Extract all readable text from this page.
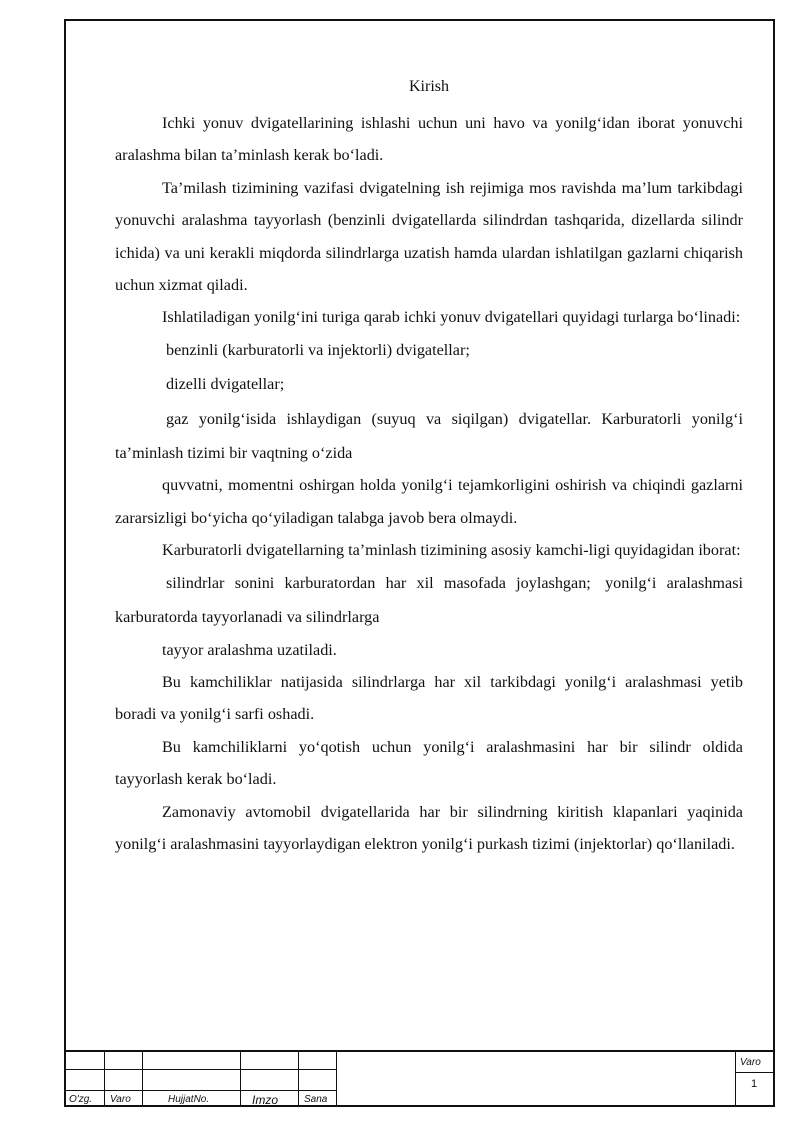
Kirish

Ichki yonuv dvigatellarining ishlashi uchun uni havo va yonilg‘idan iborat yonuvchi aralashma bilan ta’minlash kerak bo‘ladi.

Ta’milash tizimining vazifasi dvigatelning ish rejimiga mos ravishda ma’lum tarkibdagi yonuvchi aralashma tayyorlash (benzinli dvigatellarda silindrdan tashqarida, dizellarda silindr ichida) va uni kerakli miqdorda silindrlarga uzatish hamda ulardan ishlatilgan gazlarni chiqarish uchun xizmat qiladi.

Ishlatiladigan yonilg‘ini turiga qarab ichki yonuv dvigatellari quyidagi turlarga bo‘linadi:

benzinli (karburatorli va injektorli) dvigatellar;

dizelli dvigatellar;

gaz yonilg‘isida ishlaydigan (suyuq va siqilgan) dvigatellar. Karburatorli yonilg‘i ta’minlash tizimi bir vaqtning o‘zida

quvvatni, momentni oshirgan holda yonilg‘i tejamkorligini oshirish va chiqindi gazlarni zararsizligi bo‘yicha qo‘yiladigan talabga javob bera olmaydi.

Karburatorli dvigatellarning ta’minlash tizimining asosiy kamchi-ligi quyidagidan iborat:

silindrlar sonini karburatordan har xil masofada joylashgan; yonilg‘i aralashmasi karburatorda tayyorlanadi va silindrlarga

tayyor aralashma uzatiladi.

Bu kamchiliklar natijasida silindrlarga har xil tarkibdagi yonilg‘i aralashmasi yetib boradi va yonilg‘i sarfi oshadi.

Bu kamchiliklarni yo‘qotish uchun yonilg‘i aralashmasini har bir silindr oldida tayyorlash kerak bo‘ladi.

Zamonaviy avtomobil dvigatellarida har bir silindrning kiritish klapanlari yaqinida yonilg‘i aralashmasini tayyorlaydigan elektron yonilg‘i purkash tizimi (injektorlar) qo‘llaniladi.

O'zg. Varo	HujjatNo.	Imzo	Sana
Varo
1
